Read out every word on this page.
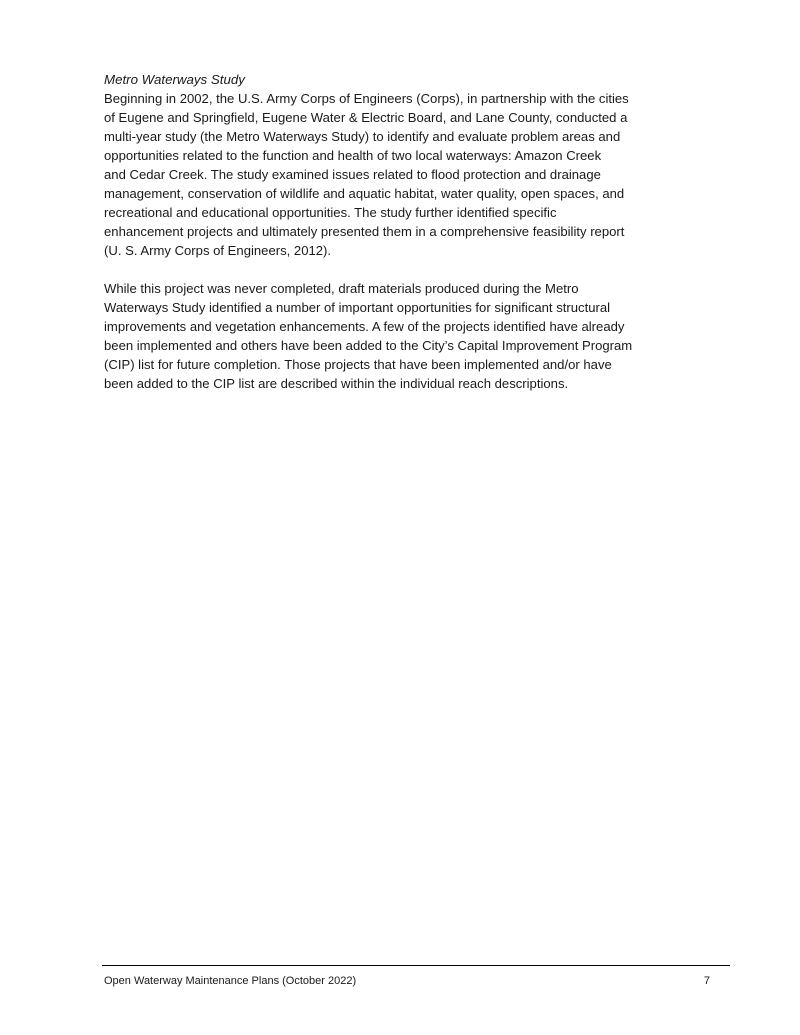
Metro Waterways Study

Beginning in 2002, the U.S. Army Corps of Engineers (Corps), in partnership with the cities
of Eugene and Springfield, Eugene Water & Electric Board, and Lane County, conducted a
multi-year study (the Metro Waterways Study) to identify and evaluate problem areas and
opportunities related to the function and health of two local waterways: Amazon Creek
and Cedar Creek. The study examined issues related to flood protection and drainage
management, conservation of wildlife and aquatic habitat, water quality, open spaces, and
recreational and educational opportunities. The study further identified specific
enhancement projects and ultimately presented them in a comprehensive feasibility report
(U. S. Army Corps of Engineers, 2012).

While this project was never completed, draft materials produced during the Metro
Waterways Study identified a number of important opportunities for significant structural
improvements and vegetation enhancements. A few of the projects identified have already
been implemented and others have been added to the City’s Capital Improvement Program
(CIP) list for future completion. Those projects that have been implemented and/or have
been added to the CIP list are described within the individual reach descriptions.

Open Waterway Maintenance Plans (October 2022)	7
